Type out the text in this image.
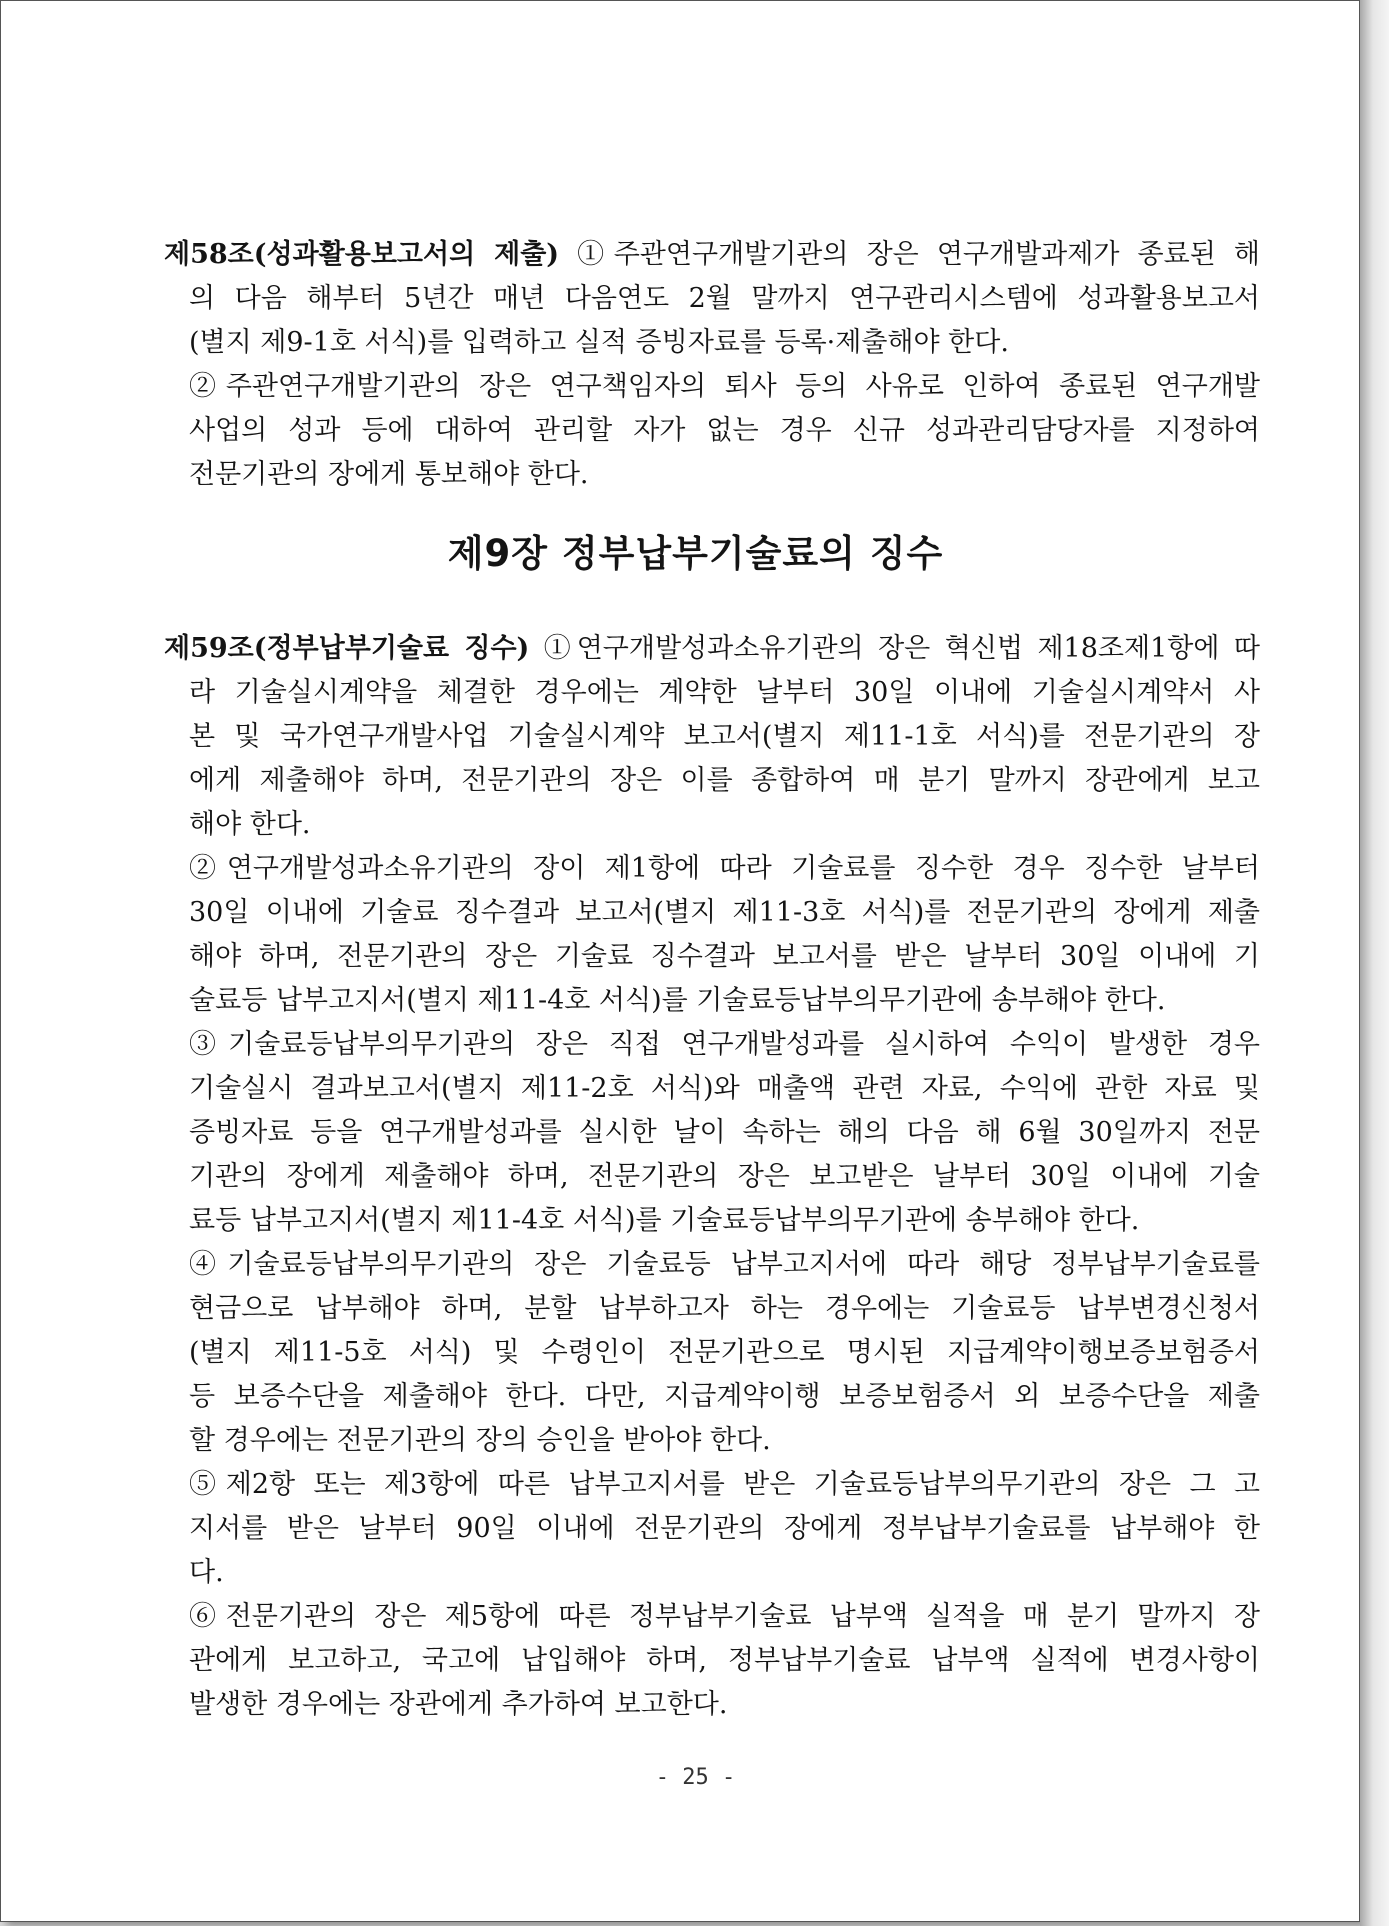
제58조(성과활용보고서의 제출) ①주관연구개발기관의 장은 연구개발과제가 종료된 해
의 다음 해부터 5년간 매년 다음연도 2월 말까지 연구관리시스템에 성과활용보고서
(별지 제9-1호 서식)를 입력하고 실적 증빙자료를 등록·제출해야 한다.
②주관연구개발기관의 장은 연구책임자의 퇴사 등의 사유로 인하여 종료된 연구개발
사업의 성과 등에 대하여 관리할 자가 없는 경우 신규 성과관리담당자를 지정하여
전문기관의 장에게 통보해야 한다.
제9장 정부납부기술료의 징수
제59조(정부납부기술료 징수) ①연구개발성과소유기관의 장은 혁신법 제18조제1항에 따
라 기술실시계약을 체결한 경우에는 계약한 날부터 30일 이내에 기술실시계약서 사
본 및 국가연구개발사업 기술실시계약 보고서(별지 제11-1호 서식)를 전문기관의 장
에게 제출해야 하며, 전문기관의 장은 이를 종합하여 매 분기 말까지 장관에게 보고
해야 한다.
②연구개발성과소유기관의 장이 제1항에 따라 기술료를 징수한 경우 징수한 날부터
30일 이내에 기술료 징수결과 보고서(별지 제11-3호 서식)를 전문기관의 장에게 제출
해야 하며, 전문기관의 장은 기술료 징수결과 보고서를 받은 날부터 30일 이내에 기
술료등 납부고지서(별지 제11-4호 서식)를 기술료등납부의무기관에 송부해야 한다.
③기술료등납부의무기관의 장은 직접 연구개발성과를 실시하여 수익이 발생한 경우
기술실시 결과보고서(별지 제11-2호 서식)와 매출액 관련 자료, 수익에 관한 자료 및
증빙자료 등을 연구개발성과를 실시한 날이 속하는 해의 다음 해 6월 30일까지 전문
기관의 장에게 제출해야 하며, 전문기관의 장은 보고받은 날부터 30일 이내에 기술
료등 납부고지서(별지 제11-4호 서식)를 기술료등납부의무기관에 송부해야 한다.
④기술료등납부의무기관의 장은 기술료등 납부고지서에 따라 해당 정부납부기술료를
현금으로 납부해야 하며, 분할 납부하고자 하는 경우에는 기술료등 납부변경신청서
(별지 제11-5호 서식) 및 수령인이 전문기관으로 명시된 지급계약이행보증보험증서
등 보증수단을 제출해야 한다. 다만, 지급계약이행 보증보험증서 외 보증수단을 제출
할 경우에는 전문기관의 장의 승인을 받아야 한다.
⑤제2항 또는 제3항에 따른 납부고지서를 받은 기술료등납부의무기관의 장은 그 고
지서를 받은 날부터 90일 이내에 전문기관의 장에게 정부납부기술료를 납부해야 한
다.
⑥전문기관의 장은 제5항에 따른 정부납부기술료 납부액 실적을 매 분기 말까지 장
관에게 보고하고, 국고에 납입해야 하며, 정부납부기술료 납부액 실적에 변경사항이
발생한 경우에는 장관에게 추가하여 보고한다.
- 25 -
